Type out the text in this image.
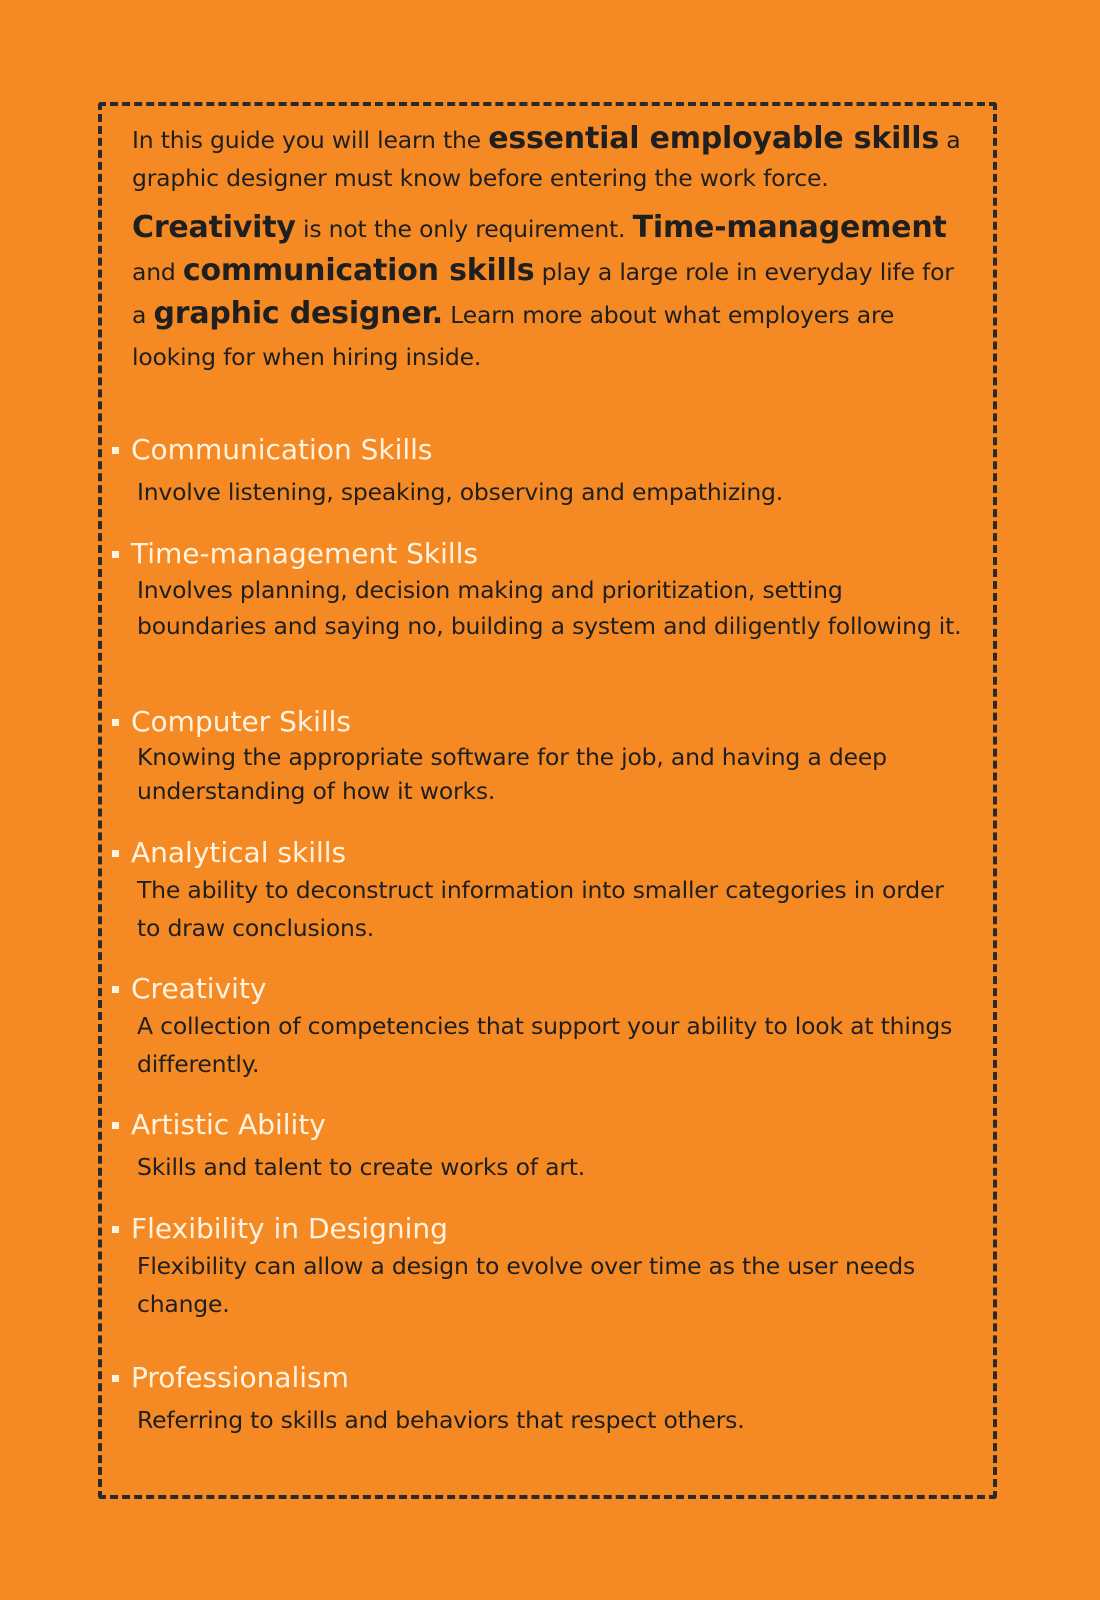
In this guide you will learn the essential employable skills a graphic designer must know before entering the work force.

Creativity is not the only requirement. Time-management and communication skills play a large role in everyday life for a graphic designer. Learn more about what employers are looking for when hiring inside.

Communication Skills

Involve listening, speaking, observing and empathizing.

Time-management Skills

Involves planning, decision making and prioritization, setting boundaries and saying no, building a system and diligently following it.

Computer Skills

Knowing the appropriate software for the job, and having a deep understanding of how it works.

Analytical skills

The ability to deconstruct information into smaller categories in order to draw conclusions.

Creativity

A collection of competencies that support your ability to look at things differently.

Artistic Ability

Skills and talent to create works of art.

Flexibility in Designing

Flexibility can allow a design to evolve over time as the user needs change.

Professionalism

Referring to skills and behaviors that respect others.
